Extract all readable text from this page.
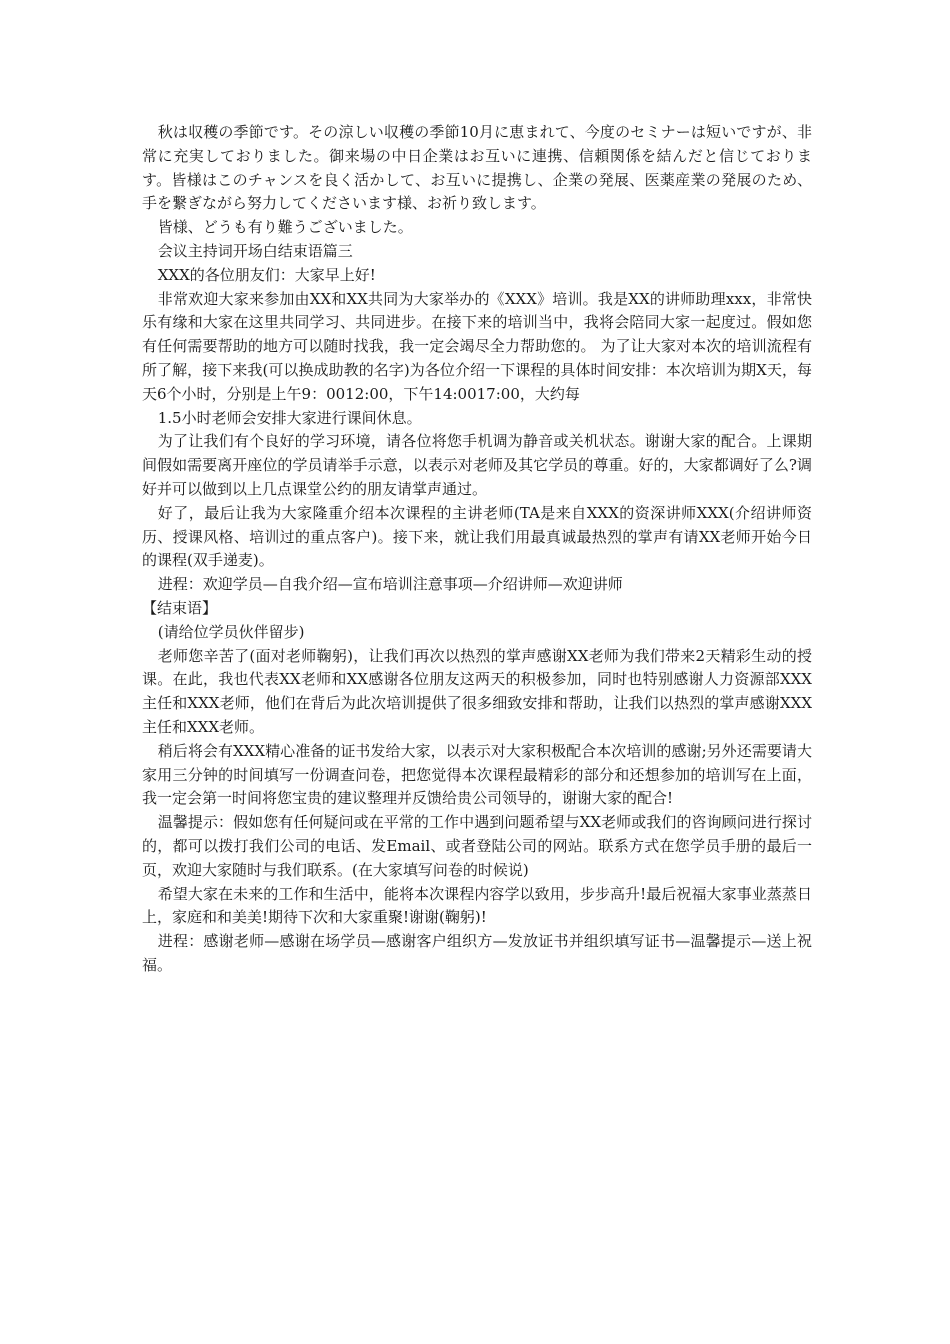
秋は収穫の季節です。その涼しい収穫の季節10月に恵まれて、今度のセミナーは短いですが、非常に充実しておりました。御来場の中日企業はお互いに連携、信頼関係を結んだと信じております。皆様はこのチャンスを良く活かして、お互いに提携し、企業の発展、医薬産業の発展のため、手を繋ぎながら努力してくださいます様、お祈り致します。

皆様、どうも有り難うございました。

会议主持词开场白结束语篇三

XXX的各位朋友们：大家早上好!

非常欢迎大家来参加由XX和XX共同为大家举办的《XXX》培训。我是XX的讲师助理xxx，非常快乐有缘和大家在这里共同学习、共同进步。在接下来的培训当中，我将会陪同大家一起度过。假如您有任何需要帮助的地方可以随时找我，我一定会竭尽全力帮助您的。 为了让大家对本次的培训流程有所了解，接下来我(可以换成助教的名字)为各位介绍一下课程的具体时间安排：本次培训为期X天，每天6个小时，分别是上午9：0012:00，下午14:0017:00，大约每

1.5小时老师会安排大家进行课间休息。

为了让我们有个良好的学习环境，请各位将您手机调为静音或关机状态。谢谢大家的配合。上课期间假如需要离开座位的学员请举手示意，以表示对老师及其它学员的尊重。好的，大家都调好了么?调好并可以做到以上几点课堂公约的朋友请掌声通过。

好了，最后让我为大家隆重介绍本次课程的主讲老师(TA是来自XXX的资深讲师XXX(介绍讲师资历、授课风格、培训过的重点客户)。接下来，就让我们用最真诚最热烈的掌声有请XX老师开始今日的课程(双手递麦)。

进程：欢迎学员—自我介绍—宣布培训注意事项—介绍讲师—欢迎讲师

【结束语】

(请给位学员伙伴留步)

老师您辛苦了(面对老师鞠躬)，让我们再次以热烈的掌声感谢XX老师为我们带来2天精彩生动的授课。在此，我也代表XX老师和XX感谢各位朋友这两天的积极参加，同时也特别感谢人力资源部XXX主任和XXX老师，他们在背后为此次培训提供了很多细致安排和帮助，让我们以热烈的掌声感谢XXX主任和XXX老师。

稍后将会有XXX精心准备的证书发给大家，以表示对大家积极配合本次培训的感谢;另外还需要请大家用三分钟的时间填写一份调查问卷，把您觉得本次课程最精彩的部分和还想参加的培训写在上面，我一定会第一时间将您宝贵的建议整理并反馈给贵公司领导的，谢谢大家的配合!

温馨提示：假如您有任何疑问或在平常的工作中遇到问题希望与XX老师或我们的咨询顾问进行探讨的，都可以拨打我们公司的电话、发Email、或者登陆公司的网站。联系方式在您学员手册的最后一页，欢迎大家随时与我们联系。(在大家填写问卷的时候说)

希望大家在未来的工作和生活中，能将本次课程内容学以致用，步步高升!最后祝福大家事业蒸蒸日上，家庭和和美美!期待下次和大家重聚!谢谢(鞠躬)!

进程：感谢老师—感谢在场学员—感谢客户组织方—发放证书并组织填写证书—温馨提示—送上祝福。
